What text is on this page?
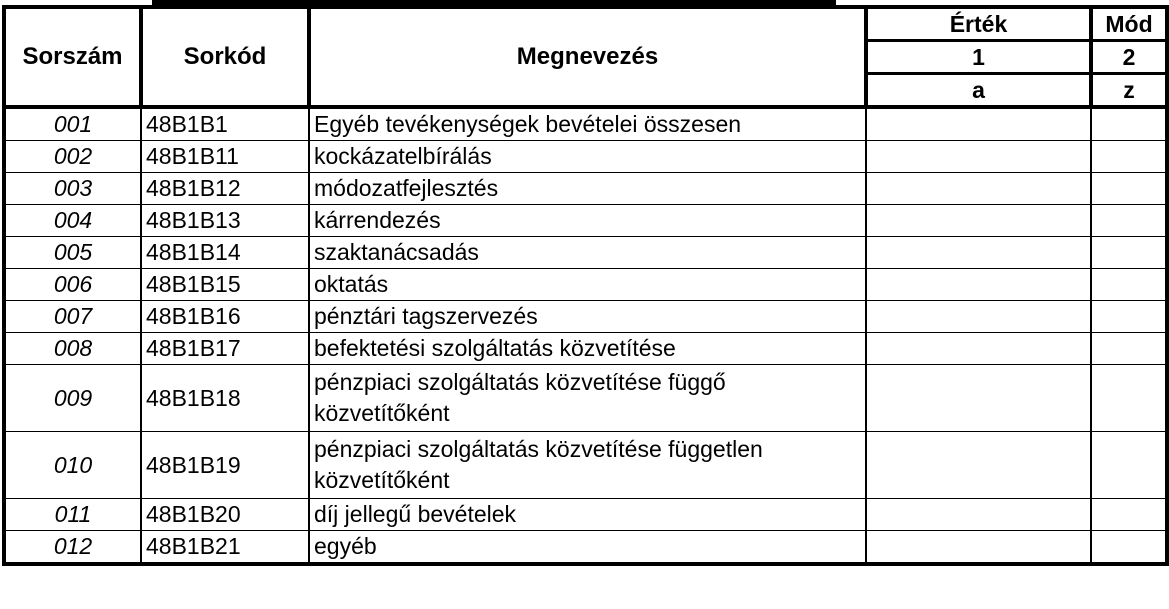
Sorszám	Sorkód	Megnevezés	Érték	Mód
			1	2
			a	z
001	48B1B1	Egyéb tevékenységek bevételei összesen		
002	48B1B11	kockázatelbírálás		
003	48B1B12	módozatfejlesztés		
004	48B1B13	kárrendezés		
005	48B1B14	szaktanácsadás		
006	48B1B15	oktatás		
007	48B1B16	pénztári tagszervezés		
008	48B1B17	befektetési szolgáltatás közvetítése		
009	48B1B18	pénzpiaci szolgáltatás közvetítése függő közvetítőként		
010	48B1B19	pénzpiaci szolgáltatás közvetítése független közvetítőként		
011	48B1B20	díj jellegű bevételek		
012	48B1B21	egyéb		
